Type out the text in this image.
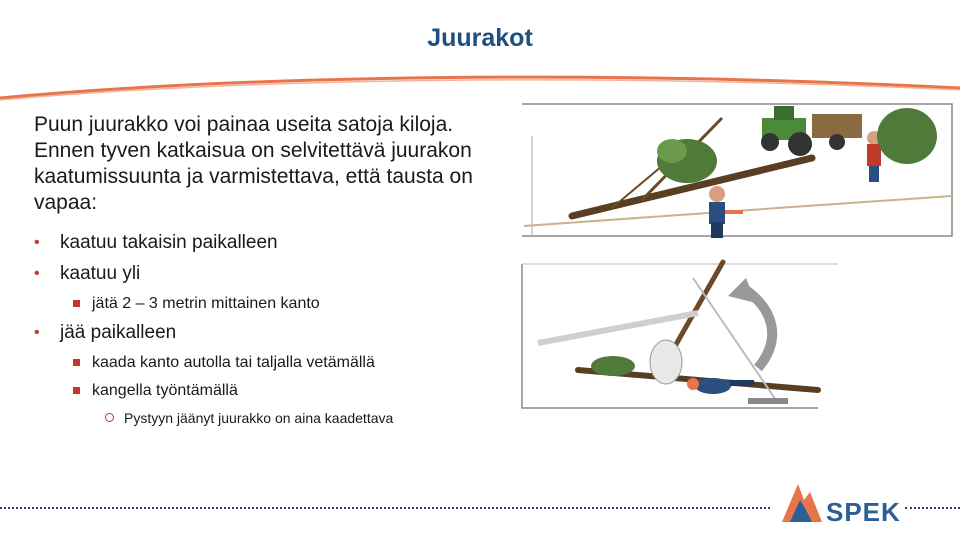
Juurakot
Puun juurakko voi painaa useita satoja kiloja. Ennen tyven katkaisua on selvitettävä juurakon kaatumissuunta ja varmistettava, että tausta on vapaa:
• kaatuu takaisin paikalleen
• kaatuu yli
jätä 2 – 3 metrin mittainen kanto
• jää paikalleen
kaada kanto autolla tai taljalla vetämällä
kangella työntämällä
Pystyyn jäänyt juurakko on aina kaadettava
SPEK
